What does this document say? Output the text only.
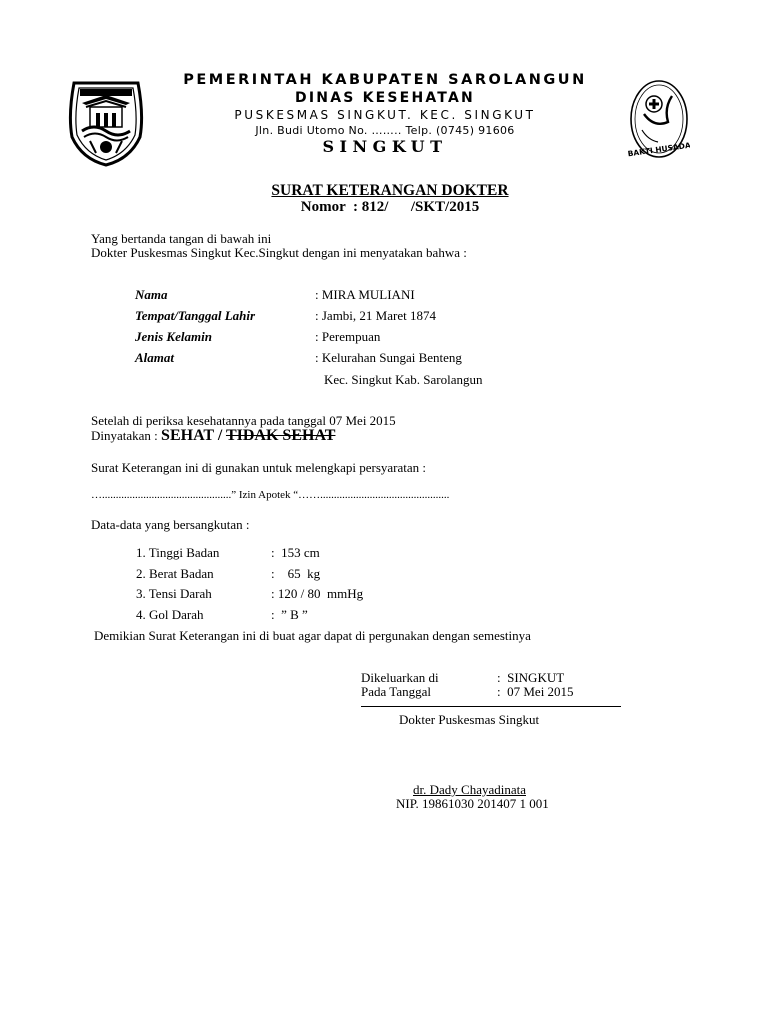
BAKTI HUSADA
PEMERINTAH KABUPATEN SAROLANGUN
DINAS KESEHATAN
PUSKESMAS SINGKUT. KEC. SINGKUT
Jln. Budi Utomo No. …….. Telp. (0745) 91606
SINGKUT
SURAT KETERANGAN DOKTER
Nomor  : 812/      /SKT/2015
Yang bertanda tangan di bawah ini
Dokter Puskesmas Singkut Kec.Singkut dengan ini menyatakan bahwa :
Nama	: MIRA MULIANI
Tempat/Tanggal Lahir	: Jambi, 21 Maret 1874
Jenis Kelamin	: Perempuan
Alamat	: Kelurahan Sungai Benteng
Kec. Singkut Kab. Sarolangun
Setelah di periksa kesehatannya pada tanggal 07 Mei 2015
Dinyatakan : SEHAT / TIDAK SEHAT
Surat Keterangan ini di gunakan untuk melengkapi persyaratan :
…...............................................” Izin Apotek “……...............................................
Data-data yang bersangkutan :
1. Tinggi Badan	:  153 cm
2. Berat Badan	:    65  kg
3. Tensi Darah	: 120 / 80  mmHg
4. Gol Darah	:  ” B ”
Demikian Surat Keterangan ini di buat agar dapat di pergunakan dengan semestinya
Dikeluarkan di	:  SINGKUT
Pada Tanggal	:  07 Mei 2015
Dokter Puskesmas Singkut
dr. Dady Chayadinata
NIP. 19861030 201407 1 001
